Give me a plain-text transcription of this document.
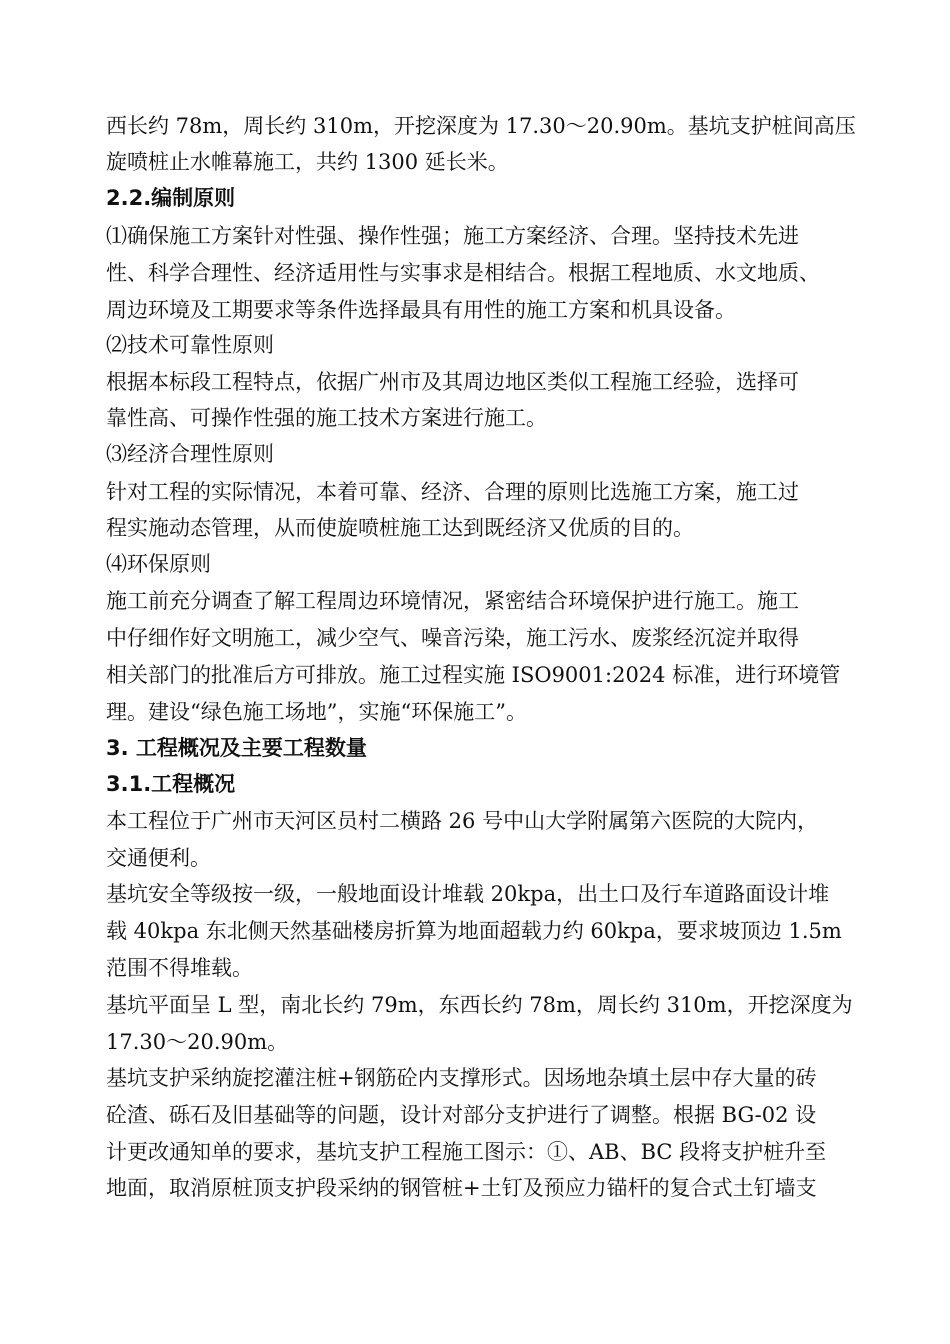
西长约 78m，周长约 310m，开挖深度为 17.30～20.90m。基坑支护桩间高压
旋喷桩止水帷幕施工，共约 1300 延长米。
2.2.编制原则
⑴确保施工方案针对性强、操作性强；施工方案经济、合理。坚持技术先进
性、科学合理性、经济适用性与实事求是相结合。根据工程地质、水文地质、
周边环境及工期要求等条件选择最具有用性的施工方案和机具设备。
⑵技术可靠性原则
根据本标段工程特点，依据广州市及其周边地区类似工程施工经验，选择可
靠性高、可操作性强的施工技术方案进行施工。
⑶经济合理性原则
针对工程的实际情况，本着可靠、经济、合理的原则比选施工方案，施工过
程实施动态管理，从而使旋喷桩施工达到既经济又优质的目的。
⑷环保原则
施工前充分调查了解工程周边环境情况，紧密结合环境保护进行施工。施工
中仔细作好文明施工，减少空气、噪音污染，施工污水、废浆经沉淀并取得
相关部门的批准后方可排放。施工过程实施 ISO9001:2024 标准，进行环境管
理。建设“绿色施工场地”，实施“环保施工”。
3. 工程概况及主要工程数量
3.1.工程概况
本工程位于广州市天河区员村二横路 26 号中山大学附属第六医院的大院内，
交通便利。
基坑安全等级按一级，一般地面设计堆载 20kpa，出土口及行车道路面设计堆
载 40kpa 东北侧天然基础楼房折算为地面超载力约 60kpa，要求坡顶边 1.5m
范围不得堆载。
基坑平面呈 L 型，南北长约 79m，东西长约 78m，周长约 310m，开挖深度为
17.30～20.90m。
基坑支护采纳旋挖灌注桩+钢筋砼内支撑形式。因场地杂填土层中存大量的砖
砼渣、砾石及旧基础等的问题，设计对部分支护进行了调整。根据 BG-02 设
计更改通知单的要求，基坑支护工程施工图示：①、AB、BC 段将支护桩升至
地面，取消原桩顶支护段采纳的钢管桩+土钉及预应力锚杆的复合式土钉墙支
